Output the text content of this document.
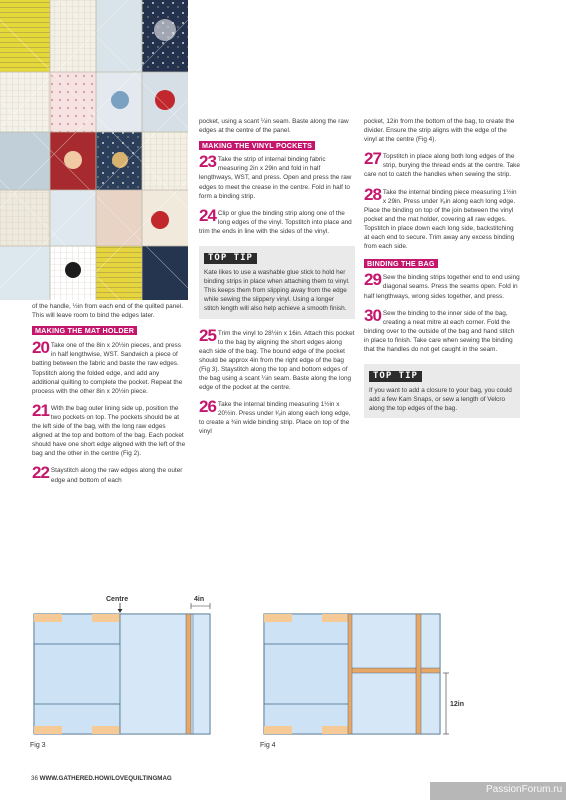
of the handle, ½in from each end of the quilted panel. This will leave room to bind the edges later.

MAKING THE MAT HOLDER
20 Take one of the 8in x 20½in pieces, and press in half lengthwise, WST. Sandwich a piece of batting between the fabric and baste the raw edges. Topstitch along the folded edge, and add any additional quilting to complete the pocket. Repeat the process with the other 8in x 20½in piece.
21 With the bag outer lining side up, position the two pockets on top. The pockets should be at the left side of the bag, with the long raw edges aligned at the top and bottom of the bag. Each pocket should have one short edge aligned with the left of the bag and the other in the centre (Fig 2).
22 Staystitch along the raw edges along the outer edge and bottom of each

pocket, using a scant ¼in seam. Baste along the raw edges at the centre of the panel.

MAKING THE VINYL POCKETS
23 Take the strip of internal binding fabric measuring 2in x 29in and fold in half lengthways, WST, and press. Open and press the raw edges to meet the crease in the centre. Fold in half to form a binding strip.
24 Clip or glue the binding strip along one of the long edges of the vinyl. Topstitch into place and trim the ends in line with the sides of the vinyl.
TOP TIP

Kate likes to use a washable glue stick to hold her binding strips in place when attaching them to vinyl. This keeps them from slipping away from the edge while sewing the slippery vinyl. Using a longer stitch length will also help achieve a smooth finish.

25 Trim the vinyl to 28½in x 16in. Attach this pocket to the bag by aligning the short edges along each side of the bag. The bound edge of the pocket should be approx 4in from the right edge of the bag (Fig 3). Staystitch along the top and bottom edges of the bag using a scant ¼in seam. Baste along the long edge of the pocket at the centre.
26 Take the internal binding measuring 1½in x 20½in. Press under ³⁄₈in along each long edge, to create a ¾in wide binding strip. Place on top of the vinyl

pocket, 12in from the bottom of the bag, to create the divider. Ensure the strip aligns with the edge of the vinyl at the centre (Fig 4).

27 Topstitch in place along both long edges of the strip, burying the thread ends at the centre. Take care not to catch the handles when sewing the strip.
28 Take the internal binding piece measuring 1½in x 29in. Press under ³⁄₈in along each long edge. Place the binding on top of the join between the vinyl pocket and the mat holder, covering all raw edges. Topstitch in place down each long side, backstitching at each end to secure. Trim away any excess binding from each side.
BINDING THE BAG
29 Sew the binding strips together end to end using diagonal seams. Press the seams open. Fold in half lengthways, wrong sides together, and press.
30 Sew the binding to the inner side of the bag, creating a neat mitre at each corner. Fold the binding over to the outside of the bag and hand stitch in place to finish. Take care when sewing the binding that the handles do not get caught in the seam.
TOP TIP

If you want to add a closure to your bag, you could add a few Kam Snaps, or sew a length of Velcro along the top edges of the bag.

Centre	4in
Fig 3
12in
Fig 4
36 WWW.GATHERED.HOW/LOVEQUILTINGMAG
PassionForum.ru
